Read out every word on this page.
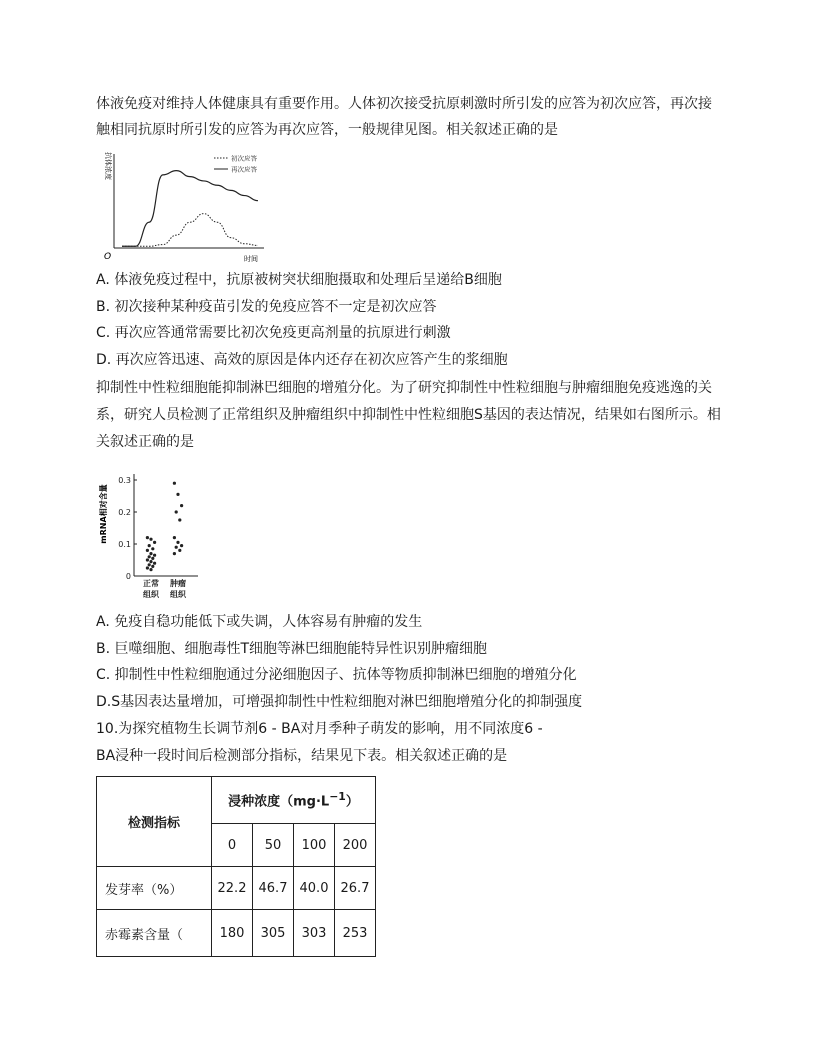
体液免疫对维持人体健康具有重要作用。人体初次接受抗原刺激时所引发的应答为初次应答，再次接
触相同抗原时所引发的应答为再次应答，一般规律见图。相关叙述正确的是
抗体浓度
O	时间
初次应答
再次应答
A. 体液免疫过程中，抗原被树突状细胞摄取和处理后呈递给B细胞
B. 初次接种某种疫苗引发的免疫应答不一定是初次应答
C. 再次应答通常需要比初次免疫更高剂量的抗原进行刺激
D. 再次应答迅速、高效的原因是体内还存在初次应答产生的浆细胞
抑制性中性粒细胞能抑制淋巴细胞的增殖分化。为了研究抑制性中性粒细胞与肿瘤细胞免疫逃逸的关
系，研究人员检测了正常组织及肿瘤组织中抑制性中性粒细胞S基因的表达情况，结果如右图所示。相
关叙述正确的是
mRNA相对含量
0
0.1
0.2
0.3
正常
组织
肿瘤
组织
A. 免疫自稳功能低下或失调，人体容易有肿瘤的发生
B. 巨噬细胞、细胞毒性T细胞等淋巴细胞能特异性识别肿瘤细胞
C. 抑制性中性粒细胞通过分泌细胞因子、抗体等物质抑制淋巴细胞的增殖分化
D.S基因表达量增加，可增强抑制性中性粒细胞对淋巴细胞增殖分化的抑制强度
10.为探究植物生长调节剂6 - BA对月季种子萌发的影响，用不同浓度6 -
BA浸种一段时间后检测部分指标，结果见下表。相关叙述正确的是
检测指标	浸种浓度$(mg\cdot L^{-1})$			
	0	50	100	200
发芽率（%）	22.2	46.7	40.0	26.7
赤霉素含量（	180	305	303	253
